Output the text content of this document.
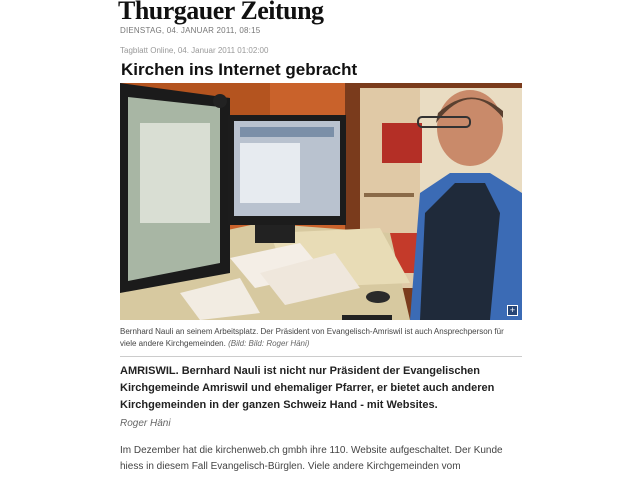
Thurgauer Zeitung
DIENSTAG, 04. JANUAR 2011, 08:15
Tagblatt Online, 04. Januar 2011 01:02:00
Kirchen ins Internet gebracht
+
Bernhard Nauli an seinem Arbeitsplatz. Der Präsident von Evangelisch-Amriswil ist auch Ansprechperson für viele andere Kirchgemeinden. (Bild: Bild: Roger Häni)
AMRISWIL. Bernhard Nauli ist nicht nur Präsident der Evangelischen Kirchgemeinde Amriswil und ehemaliger Pfarrer, er bietet auch anderen Kirchgemeinden in der ganzen Schweiz Hand - mit Websites.
Roger Häni
Im Dezember hat die kirchenweb.ch gmbh ihre 110. Website aufgeschaltet. Der Kunde hiess in diesem Fall Evangelisch-Bürglen. Viele andere Kirchgemeinden vom
